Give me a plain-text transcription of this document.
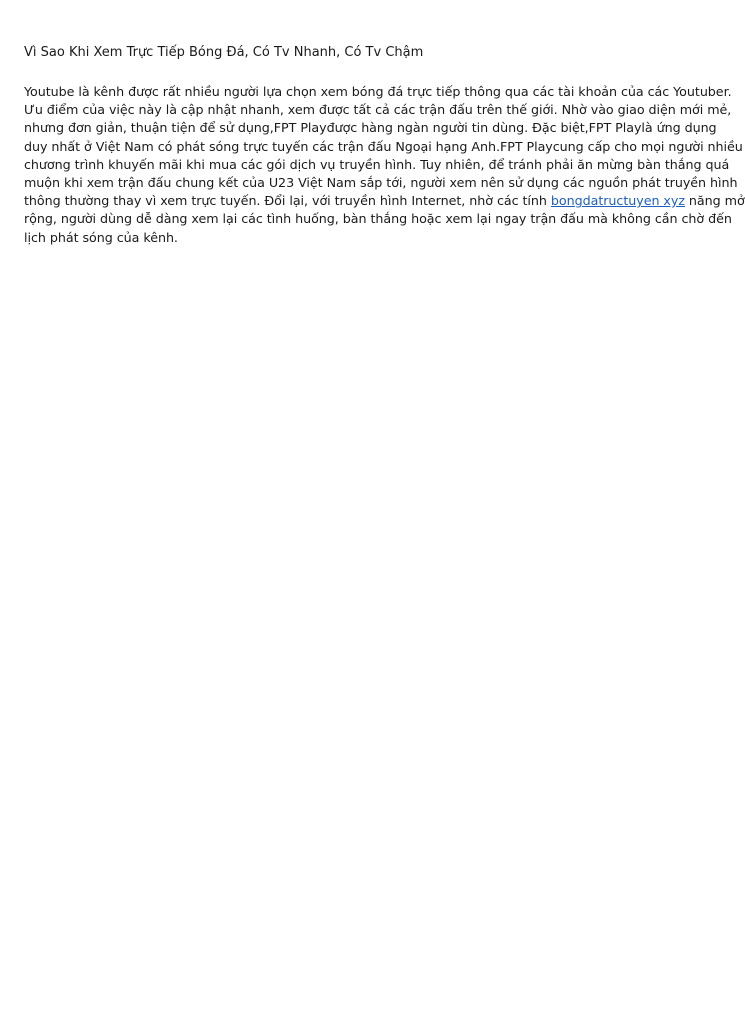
Vì Sao Khi Xem Trực Tiếp Bóng Đá, Có Tv Nhanh, Có Tv Chậm

Youtube là kênh được rất nhiều người lựa chọn xem bóng đá trực tiếp thông qua các tài khoản của các Youtuber.
Ưu điểm của việc này là cập nhật nhanh, xem được tất cả các trận đấu trên thế giới. Nhờ vào giao diện mới mẻ,
nhưng đơn giản, thuận tiện để sử dụng,FPT Playđược hàng ngàn người tin dùng. Đặc biệt,FPT Playlà ứng dụng
duy nhất ở Việt Nam có phát sóng trực tuyến các trận đấu Ngoại hạng Anh.FPT Playcung cấp cho mọi người nhiều
chương trình khuyến mãi khi mua các gói dịch vụ truyền hình. Tuy nhiên, để tránh phải ăn mừng bàn thắng quá
muộn khi xem trận đấu chung kết của U23 Việt Nam sắp tới, người xem nên sử dụng các nguồn phát truyền hình
thông thường thay vì xem trực tuyến. Đổi lại, với truyền hình Internet, nhờ các tính bongdatructuyen xyz năng mở
rộng, người dùng dễ dàng xem lại các tình huống, bàn thắng hoặc xem lại ngay trận đấu mà không cần chờ đến
lịch phát sóng của kênh.
